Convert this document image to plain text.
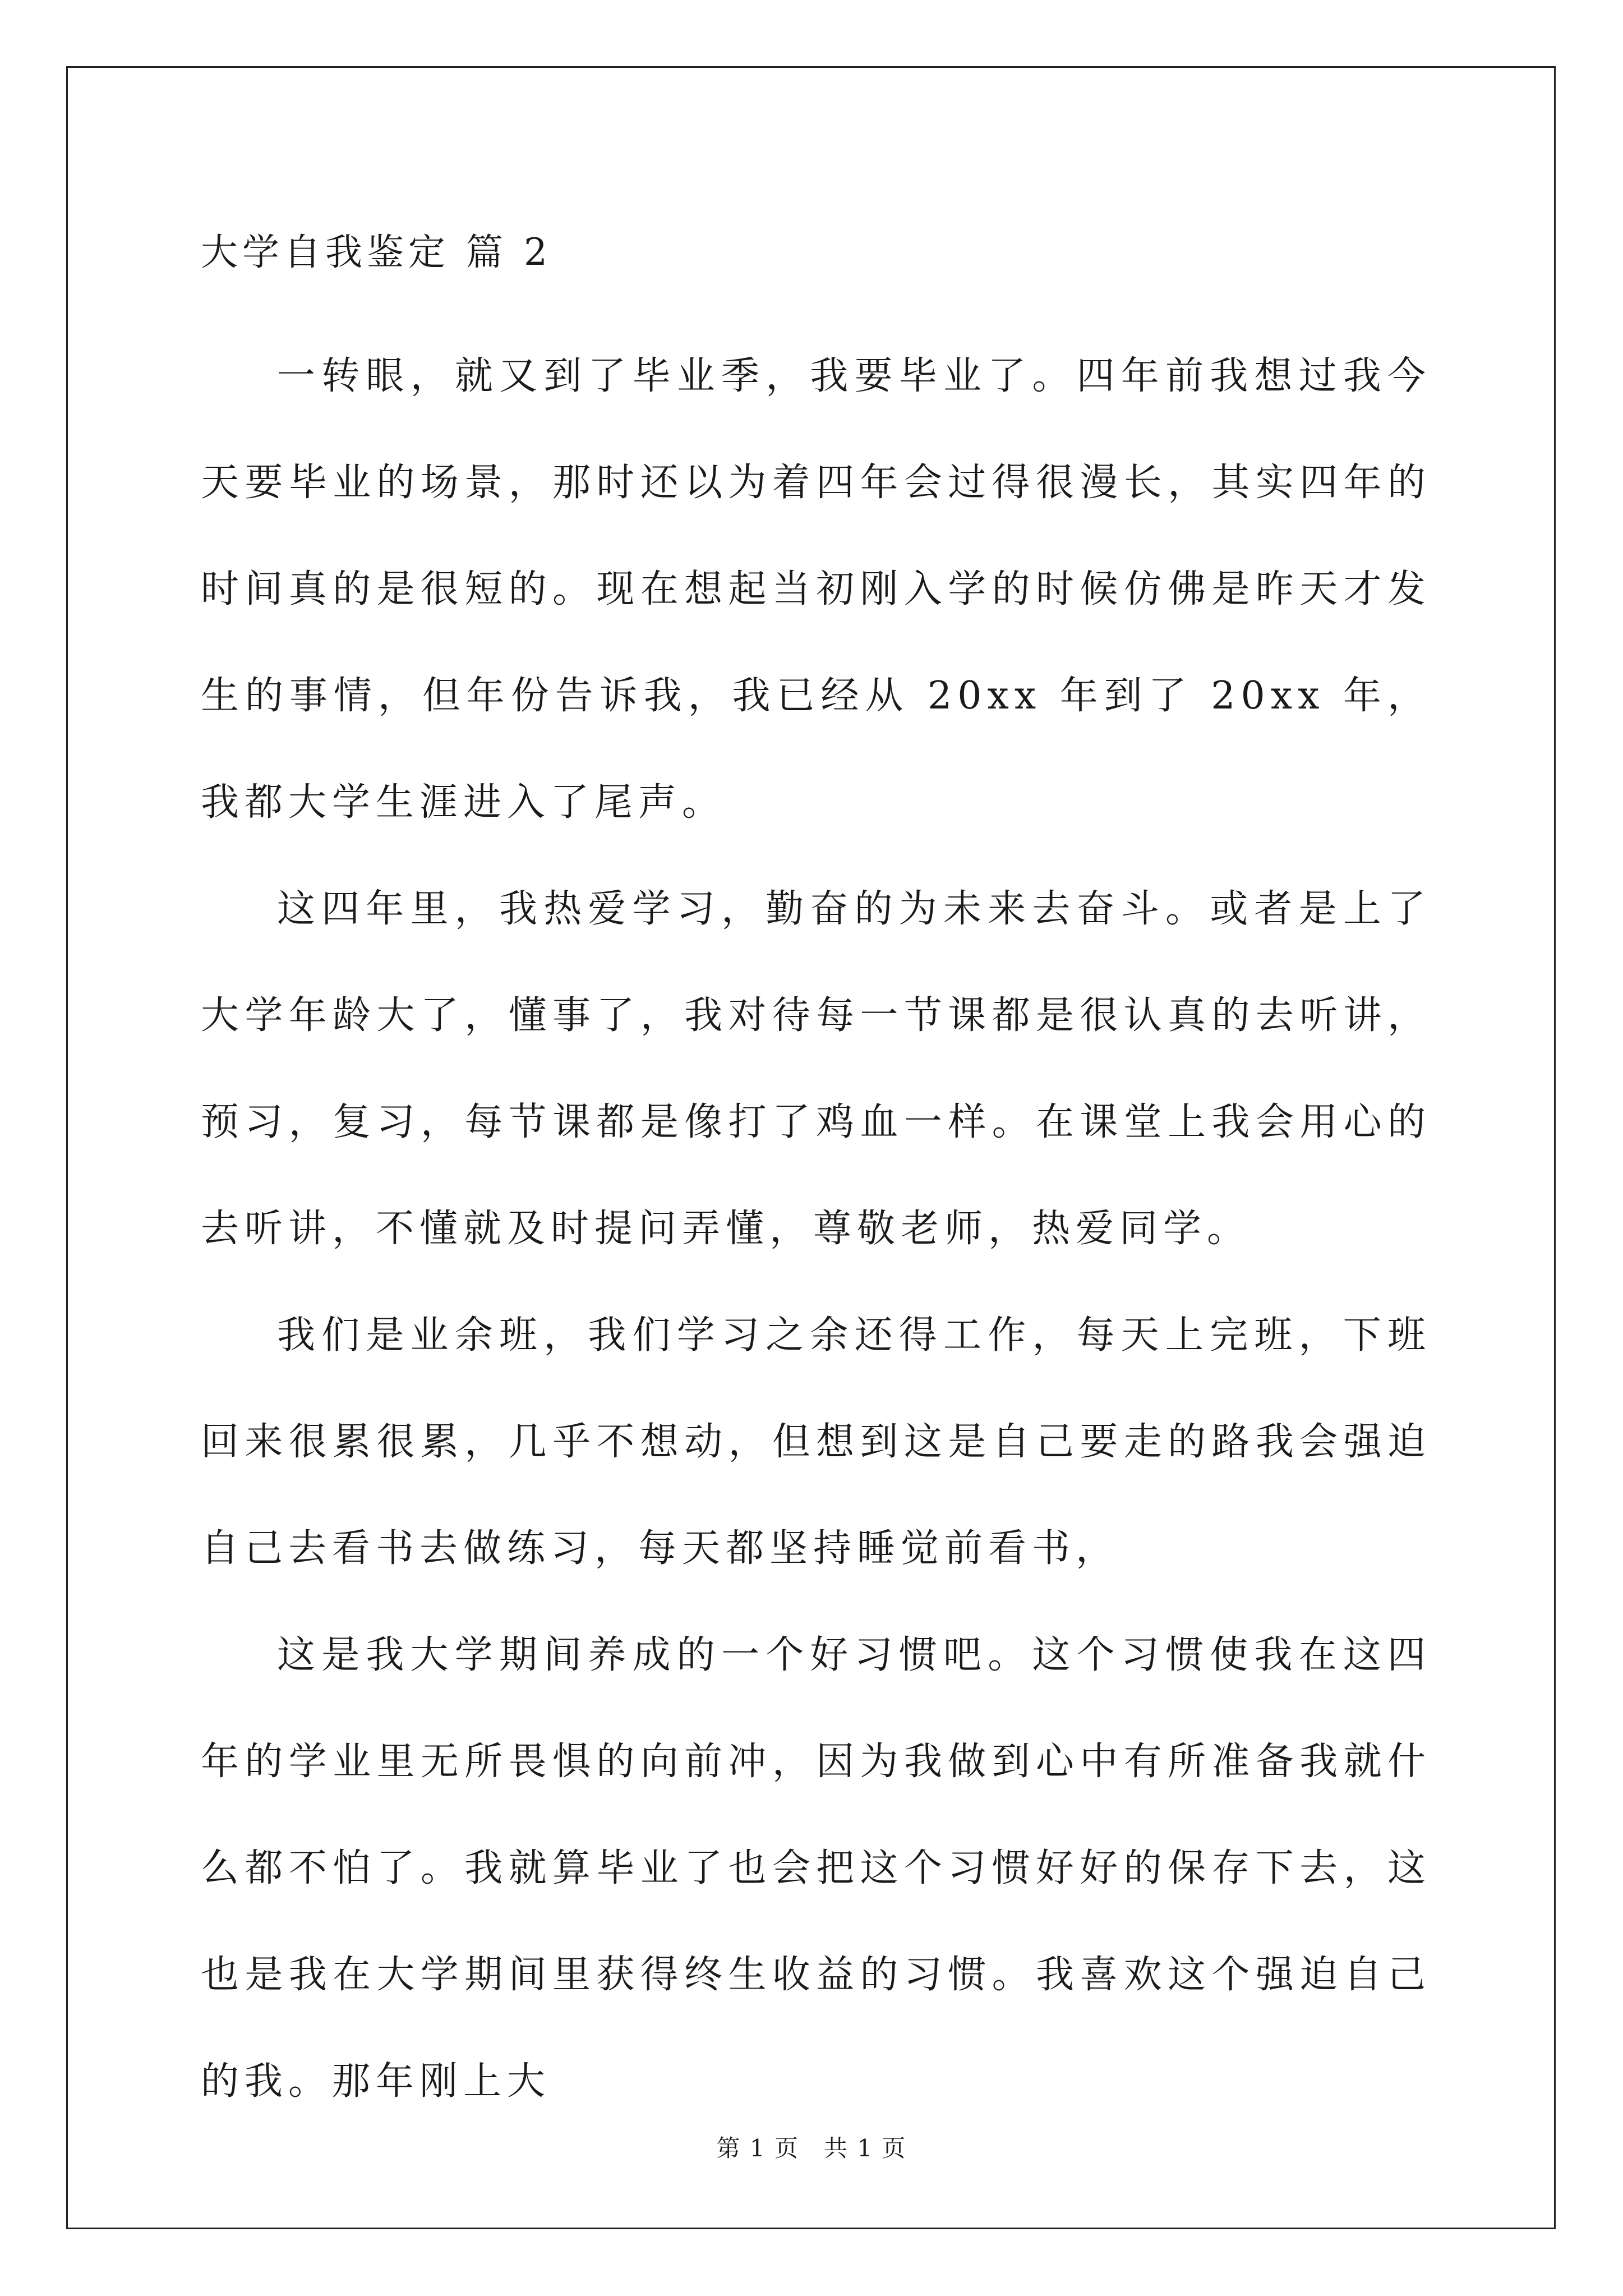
大学自我鉴定 篇 2

一转眼，就又到了毕业季，我要毕业了。四年前我想过我今天要毕业的场景，那时还以为着四年会过得很漫长，其实四年的时间真的是很短的。现在想起当初刚入学的时候仿佛是昨天才发生的事情，但年份告诉我，我已经从 20xx 年到了 20xx 年，我都大学生涯进入了尾声。

这四年里，我热爱学习，勤奋的为未来去奋斗。或者是上了大学年龄大了，懂事了，我对待每一节课都是很认真的去听讲，预习，复习，每节课都是像打了鸡血一样。在课堂上我会用心的去听讲，不懂就及时提问弄懂，尊敬老师，热爱同学。

我们是业余班，我们学习之余还得工作，每天上完班，下班回来很累很累，几乎不想动，但想到这是自己要走的路我会强迫自己去看书去做练习，每天都坚持睡觉前看书，

这是我大学期间养成的一个好习惯吧。这个习惯使我在这四年的学业里无所畏惧的向前冲，因为我做到心中有所准备我就什么都不怕了。我就算毕业了也会把这个习惯好好的保存下去，这也是我在大学期间里获得终生收益的习惯。我喜欢这个强迫自己的我。那年刚上大

第 1 页　共 1 页
